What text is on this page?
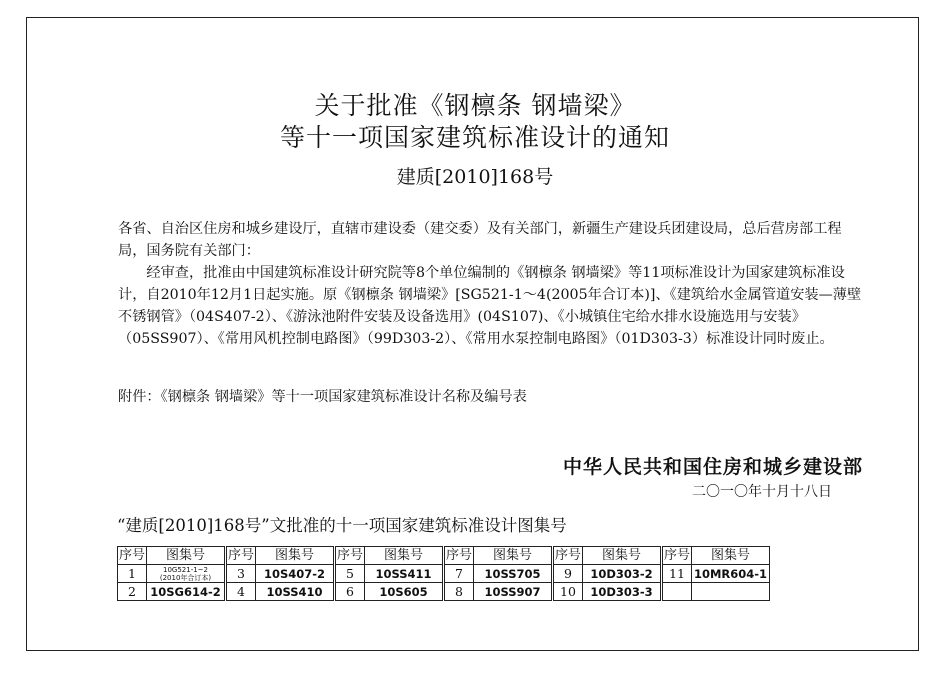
关于批准《钢檩条 钢墙梁》
等十一项国家建筑标准设计的通知
建质[2010]168号
各省、自治区住房和城乡建设厅，直辖市建设委（建交委）及有关部门，新疆生产建设兵团建设局，总后营房部工程局，国务院有关部门：
经审查，批准由中国建筑标准设计研究院等8个单位编制的《钢檩条 钢墙梁》等11项标准设计为国家建筑标准设计，自2010年12月1日起实施。原《钢檩条 钢墙梁》[SG521-1～4(2005年合订本)]、《建筑给水金属管道安装—薄壁不锈钢管》（04S407-2）、《游泳池附件安装及设备选用》(04S107)、《小城镇住宅给水排水设施选用与安装》（05SS907）、《常用风机控制电路图》（99D303-2）、《常用水泵控制电路图》（01D303-3）标准设计同时废止。
附件：《钢檩条 钢墙梁》等十一项国家建筑标准设计名称及编号表
中华人民共和国住房和城乡建设部
二〇一〇年十月十八日
“建质[2010]168号”文批准的十一项国家建筑标准设计图集号
序号	图集号	序号	图集号	序号	图集号	序号	图集号	序号	图集号	序号	图集号
1	10G521-1~2
(2010年合订本)	3	10S407-2	5	10SS411	7	10SS705	9	10D303-2	11	10MR604-1
2	10SG614-2	4	10SS410	6	10S605	8	10SS907	10	10D303-3		
